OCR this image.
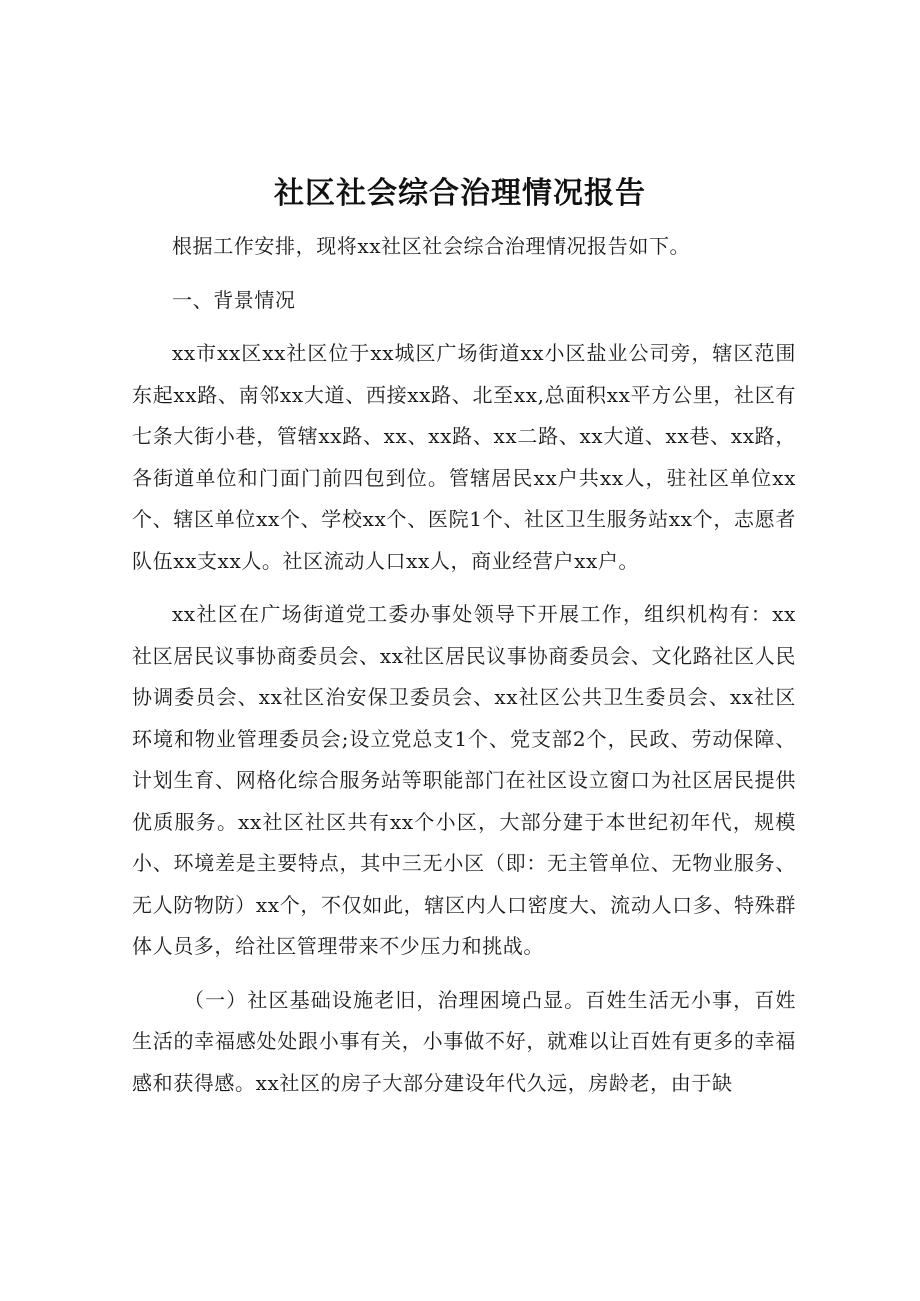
社区社会综合治理情况报告

根据工作安排，现将xx社区社会综合治理情况报告如下。

一、背景情况

xx市xx区xx社区位于xx城区广场街道xx小区盐业公司旁，辖区范围东起xx路、南邻xx大道、西接xx路、北至xx,总面积xx平方公里，社区有七条大街小巷，管辖xx路、xx、xx路、xx二路、xx大道、xx巷、xx路，各街道单位和门面门前四包到位。管辖居民xx户共xx人，驻社区单位xx个、辖区单位xx个、学校xx个、医院1个、社区卫生服务站xx个，志愿者队伍xx支xx人。社区流动人口xx人，商业经营户xx户。

xx社区在广场街道党工委办事处领导下开展工作，组织机构有：xx社区居民议事协商委员会、xx社区居民议事协商委员会、文化路社区人民协调委员会、xx社区治安保卫委员会、xx社区公共卫生委员会、xx社区环境和物业管理委员会;设立党总支1个、党支部2个，民政、劳动保障、计划生育、网格化综合服务站等职能部门在社区设立窗口为社区居民提供优质服务。xx社区社区共有xx个小区，大部分建于本世纪初年代，规模小、环境差是主要特点，其中三无小区（即：无主管单位、无物业服务、无人防物防）xx个，不仅如此，辖区内人口密度大、流动人口多、特殊群体人员多，给社区管理带来不少压力和挑战。

（一）社区基础设施老旧，治理困境凸显。百姓生活无小事，百姓生活的幸福感处处跟小事有关，小事做不好，就难以让百姓有更多的幸福感和获得感。xx社区的房子大部分建设年代久远，房龄老，由于缺
